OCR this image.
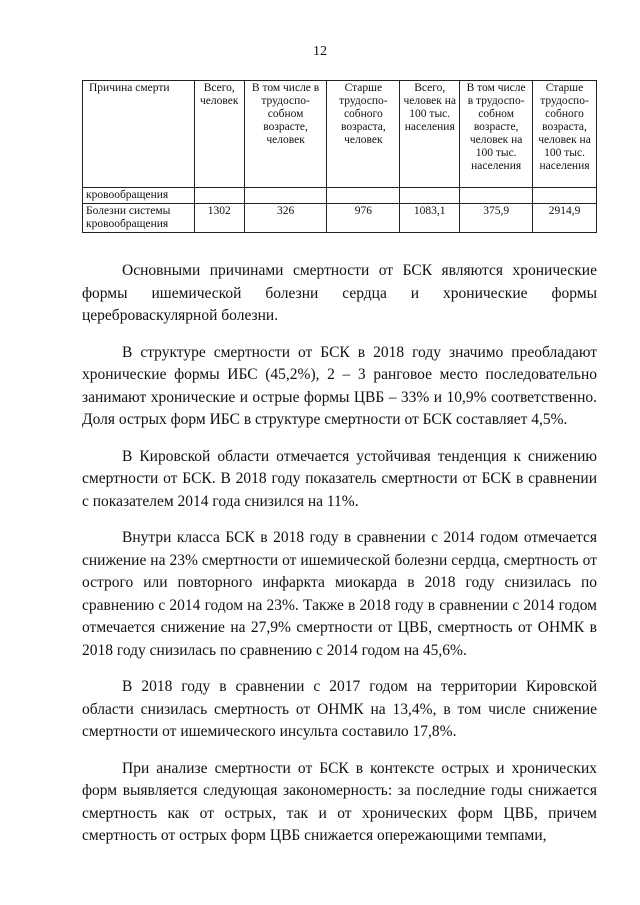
12
Причина смерти	Всего, человек	В том числе в трудоспо-собном возрасте, человек	Старше трудоспо-собного возраста, человек	Всего, человек на 100 тыс. населения	В том числе в трудоспо-собном возрасте, человек на 100 тыс. населения	Старше трудоспо-собного возраста, человек на 100 тыс. населения
кровообращения						
Болезни системы кровообращения	1302	326	976	1083,1	375,9	2914,9

Основными причинами смертности от БСК являются хронические формы ишемической болезни сердца и хронические формы цереброваскулярной болезни.

В структуре смертности от БСК в 2018 году значимо преобладают хронические формы ИБС (45,2%), 2 – 3 ранговое место последовательно занимают хронические и острые формы ЦВБ – 33% и 10,9% соответственно. Доля острых форм ИБС в структуре смертности от БСК составляет 4,5%.

В Кировской области отмечается устойчивая тенденция к снижению смертности от БСК. В 2018 году показатель смертности от БСК в сравнении с показателем 2014 года снизился на 11%.

Внутри класса БСК в 2018 году в сравнении с 2014 годом отмечается снижение на 23% смертности от ишемической болезни сердца, смертность от острого или повторного инфаркта миокарда в 2018 году снизилась по сравнению с 2014 годом на 23%. Также в 2018 году в сравнении с 2014 годом отмечается снижение на 27,9% смертности от ЦВБ, смертность от ОНМК в 2018 году снизилась по сравнению с 2014 годом на 45,6%.

В 2018 году в сравнении с 2017 годом на территории Кировской области снизилась смертность от ОНМК на 13,4%, в том числе снижение смертности от ишемического инсульта составило 17,8%.

При анализе смертности от БСК в контексте острых и хронических форм выявляется следующая закономерность: за последние годы снижается смертность как от острых, так и от хронических форм ЦВБ, причем смертность от острых форм ЦВБ снижается опережающими темпами,
